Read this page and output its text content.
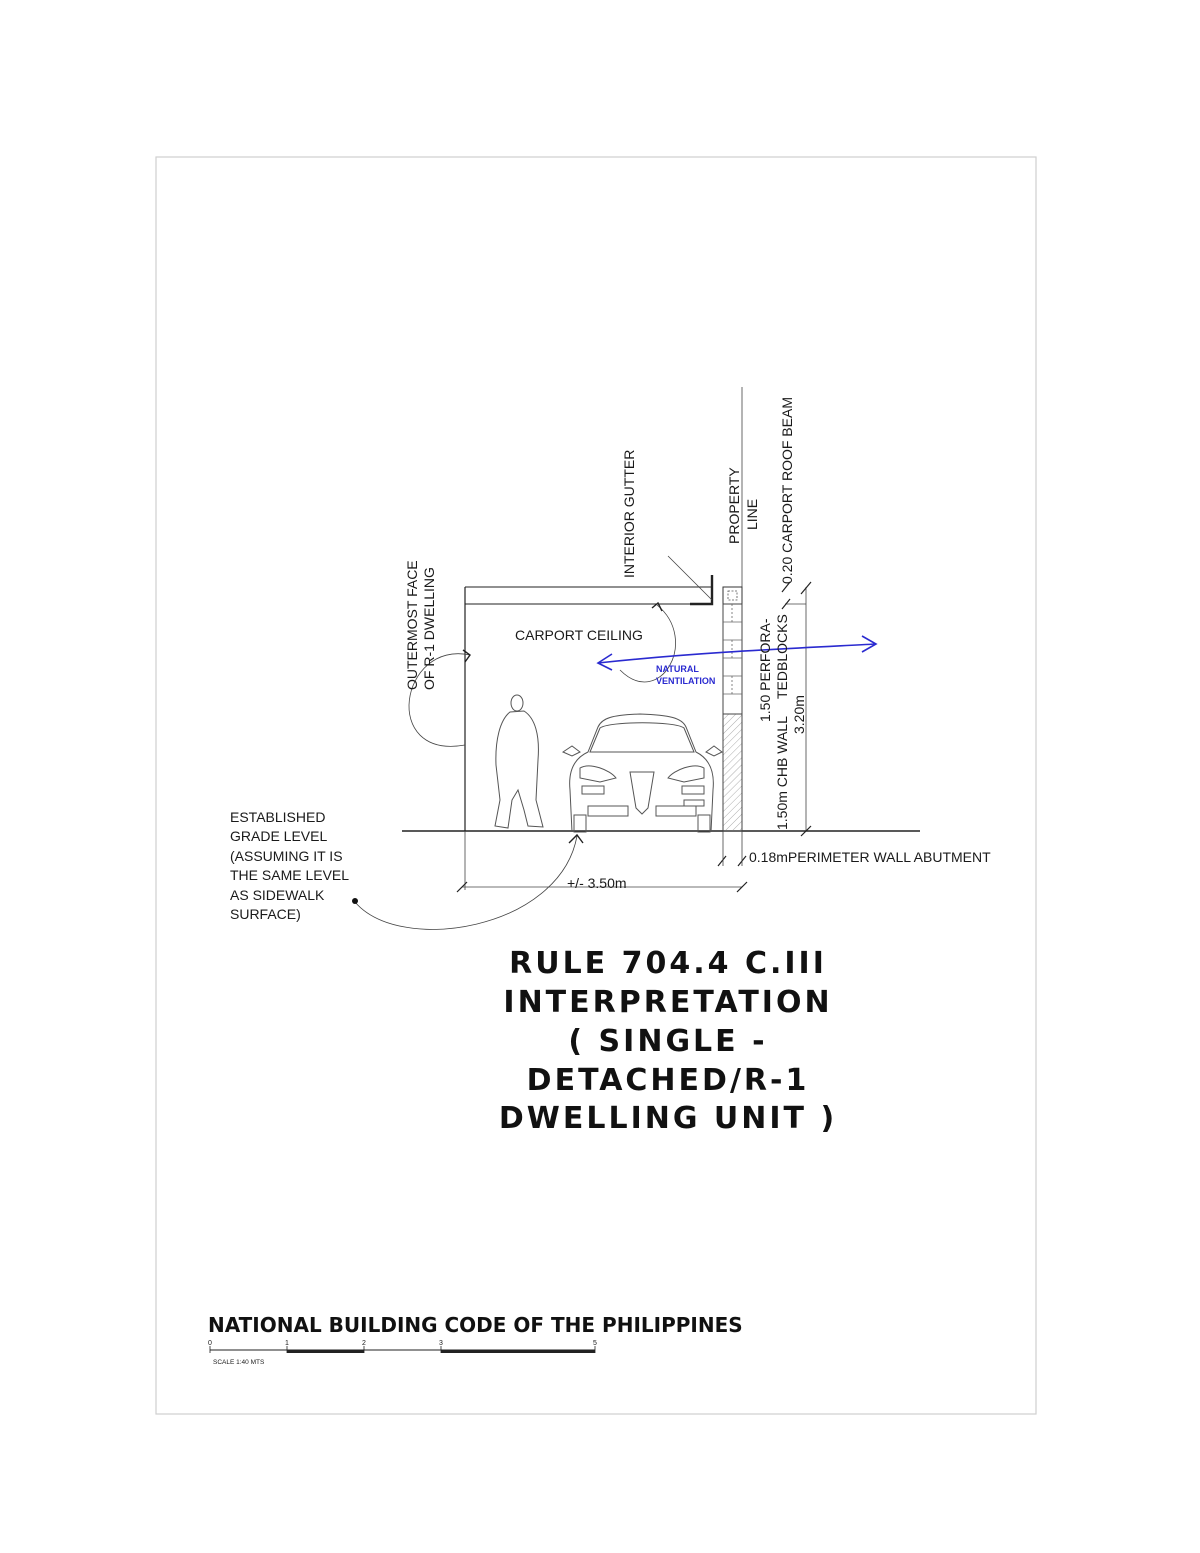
OUTERMOST FACE OF R-1 DWELLING
INTERIOR GUTTER	PROPERTY LINE 0.20 CARPORT ROOF BEAM
CARPORT CEILING
NATURAL
VENTILATION	1.50 PERFORA- TEDBLOCKS
1.50m CHB WALL
3.20m
0.18mPERIMETER WALL ABUTMENT
+/- 3.50m
ESTABLISHED
GRADE LEVEL
(ASSUMING IT IS
THE SAME LEVEL
AS SIDEWALK
SURFACE)
RULE 704.4 C.III
INTERPRETATION
( SINGLE -
DETACHED/R-1
DWELLING UNIT )
NATIONAL BUILDING CODE OF THE PHILIPPINES
0	1	2	3	5
SCALE 1:40 MTS
